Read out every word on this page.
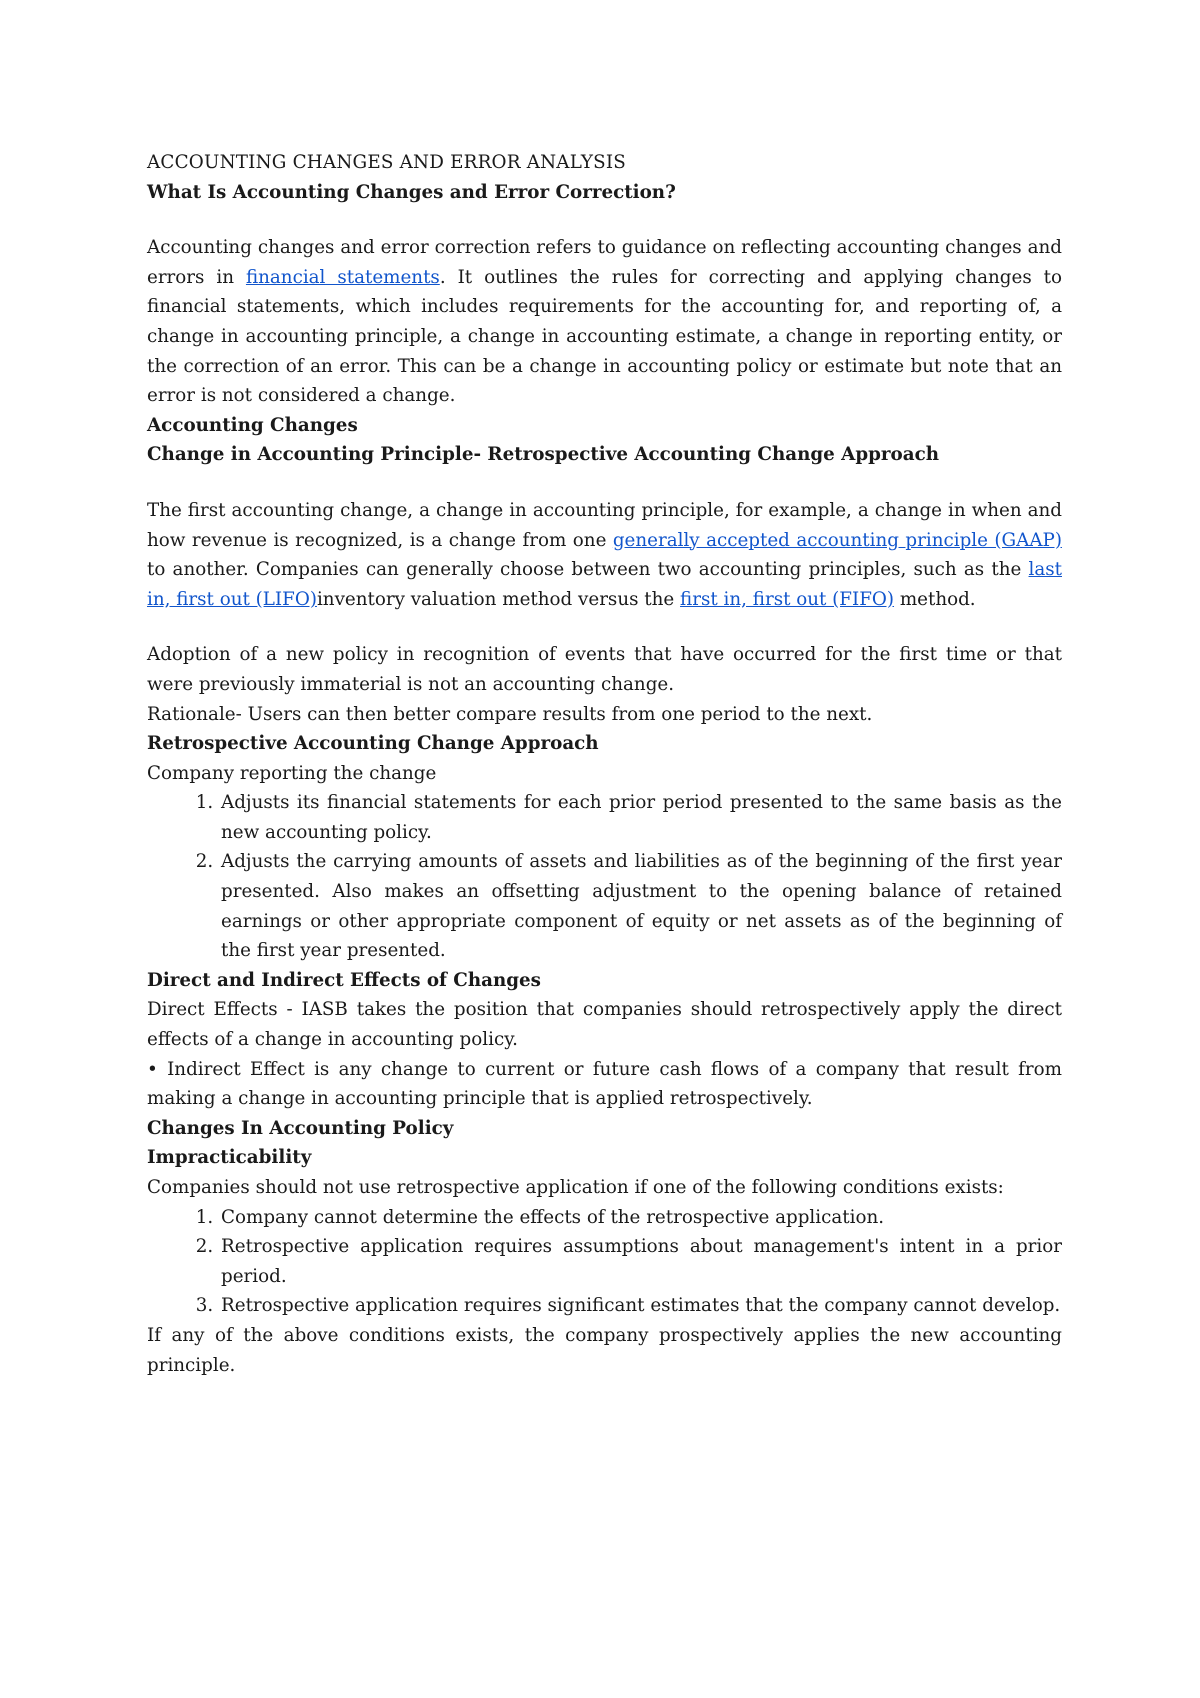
ACCOUNTING CHANGES AND ERROR ANALYSIS
What Is Accounting Changes and Error Correction?

Accounting changes and error correction refers to guidance on reflecting accounting changes and errors in financial statements. It outlines the rules for correcting and applying changes to financial statements, which includes requirements for the accounting for, and reporting of, a change in accounting principle, a change in accounting estimate, a change in reporting entity, or the correction of an error. This can be a change in accounting policy or estimate but note that an error is not considered a change.

Accounting Changes
Change in Accounting Principle- Retrospective Accounting Change Approach

The first accounting change, a change in accounting principle, for example, a change in when and how revenue is recognized, is a change from one generally accepted accounting principle (GAAP) to another. Companies can generally choose between two accounting principles, such as the last in, first out (LIFO)inventory valuation method versus the first in, first out (FIFO) method.

Adoption of a new policy in recognition of events that have occurred for the first time or that were previously immaterial is not an accounting change.

Rationale- Users can then better compare results from one period to the next.

Retrospective Accounting Change Approach

Company reporting the change

1. Adjusts its financial statements for each prior period presented to the same basis as the new accounting policy.
2. Adjusts the carrying amounts of assets and liabilities as of the beginning of the first year presented. Also makes an offsetting adjustment to the opening balance of retained earnings or other appropriate component of equity or net assets as of the beginning of the first year presented.
Direct and Indirect Effects of Changes

Direct Effects - IASB takes the position that companies should retrospectively apply the direct effects of a change in accounting policy.

• Indirect Effect is any change to current or future cash flows of a company that result from making a change in accounting principle that is applied retrospectively.

Changes In Accounting Policy
Impracticability

Companies should not use retrospective application if one of the following conditions exists:

1. Company cannot determine the effects of the retrospective application.
2. Retrospective application requires assumptions about management's intent in a prior period.
3. Retrospective application requires significant estimates that the company cannot develop.

If any of the above conditions exists, the company prospectively applies the new accounting principle.
